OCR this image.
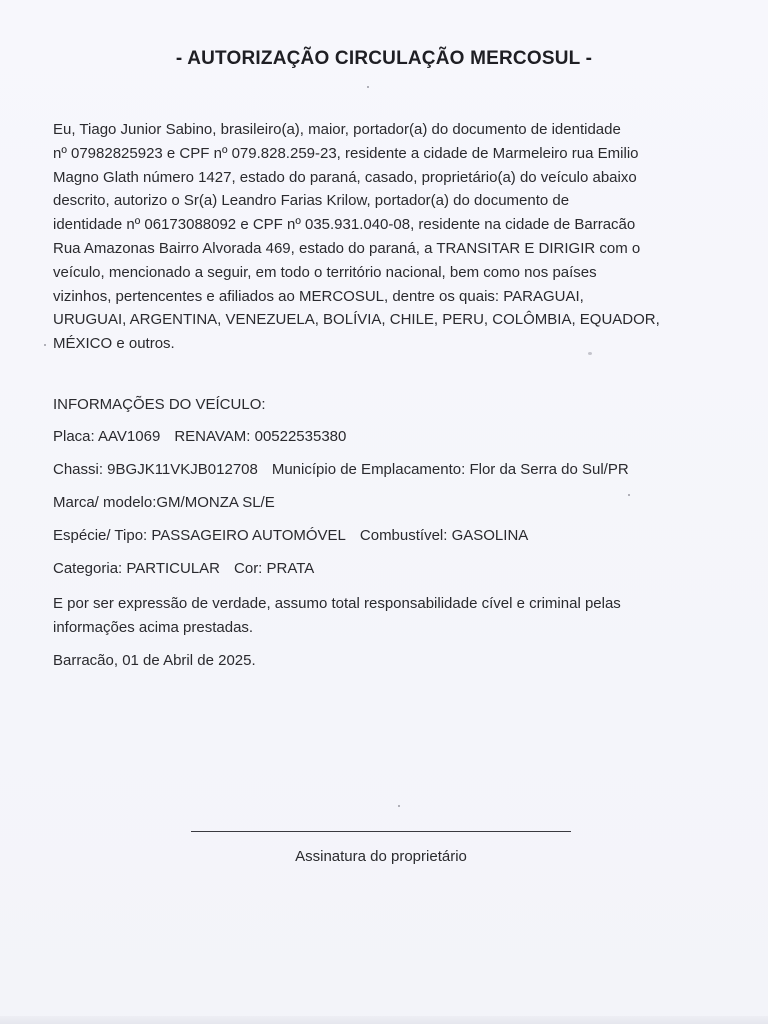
- AUTORIZAÇÃO CIRCULAÇÃO MERCOSUL -
Eu, Tiago Junior Sabino, brasileiro(a), maior, portador(a) do documento de identidade
nº 07982825923 e CPF nº 079.828.259-23, residente a cidade de Marmeleiro rua Emilio
Magno Glath número 1427, estado do paraná, casado, proprietário(a) do veículo abaixo
descrito, autorizo o Sr(a) Leandro Farias Krilow, portador(a) do documento de
identidade nº 06173088092 e CPF nº 035.931.040-08, residente na cidade de Barracão
Rua Amazonas Bairro Alvorada 469, estado do paraná, a TRANSITAR E DIRIGIR com o
veículo, mencionado a seguir, em todo o território nacional, bem como nos países
vizinhos, pertencentes e afiliados ao MERCOSUL, dentre os quais: PARAGUAI,
URUGUAI, ARGENTINA, VENEZUELA, BOLÍVIA, CHILE, PERU, COLÔMBIA, EQUADOR,
MÉXICO e outros.
INFORMAÇÕES DO VEÍCULO:
Placa: AAV1069 RENAVAM: 00522535380
Chassi: 9BGJK11VKJB012708 Município de Emplacamento: Flor da Serra do Sul/PR
Marca/ modelo:GM/MONZA SL/E
Espécie/ Tipo: PASSAGEIRO AUTOMÓVEL Combustível: GASOLINA
Categoria: PARTICULAR Cor: PRATA
E por ser expressão de verdade, assumo total responsabilidade cível e criminal pelas
informações acima prestadas.
Barracão, 01 de Abril de 2025.
Assinatura do proprietário
